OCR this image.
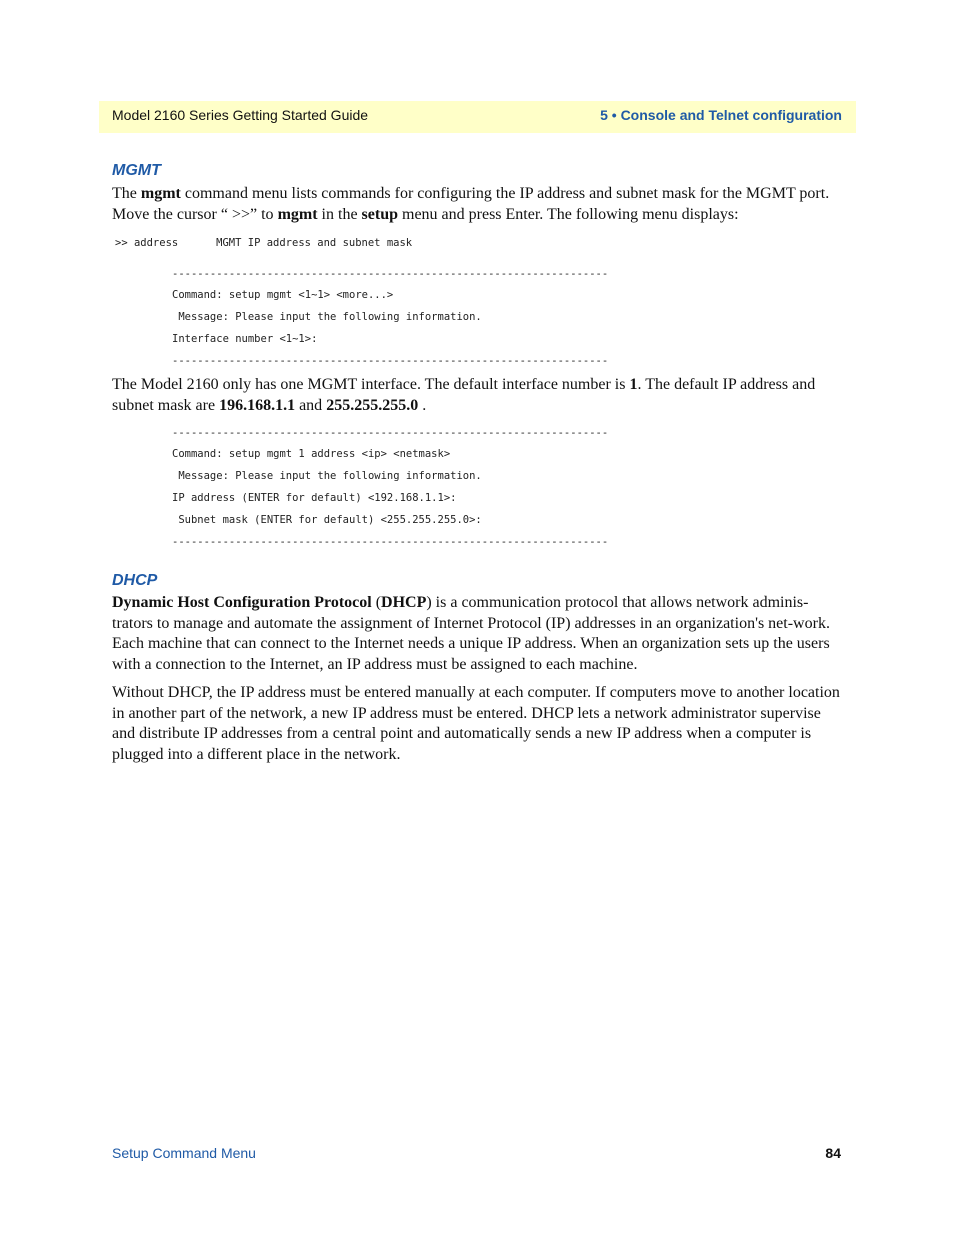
Model 2160 Series Getting Started Guide	5 • Console and Telnet configuration
MGMT
The mgmt command menu lists commands for configuring the IP address and subnet mask for the MGMT port. Move the cursor “ >>” to mgmt in the setup menu and press Enter. The following menu displays:
>> address      MGMT IP address and subnet mask
---------------------------------------------------------------------
Command: setup mgmt <1~1> <more...>
Message: Please input the following information.
Interface number <1~1>:
---------------------------------------------------------------------
The Model 2160 only has one MGMT interface. The default interface number is 1. The default IP address and subnet mask are 196.168.1.1 and 255.255.255.0 .
---------------------------------------------------------------------
Command: setup mgmt 1 address <ip> <netmask>
Message: Please input the following information.
IP address (ENTER for default) <192.168.1.1>:
Subnet mask (ENTER for default) <255.255.255.0>:
---------------------------------------------------------------------
DHCP
Dynamic Host Configuration Protocol (DHCP) is a communication protocol that allows network adminis-trators to manage and automate the assignment of Internet Protocol (IP) addresses in an organization's net-work. Each machine that can connect to the Internet needs a unique IP address. When an organization sets up the users with a connection to the Internet, an IP address must be assigned to each machine.
Without DHCP, the IP address must be entered manually at each computer. If computers move to another location in another part of the network, a new IP address must be entered. DHCP lets a network administrator supervise and distribute IP addresses from a central point and automatically sends a new IP address when a computer is plugged into a different place in the network.
Setup Command Menu	84
